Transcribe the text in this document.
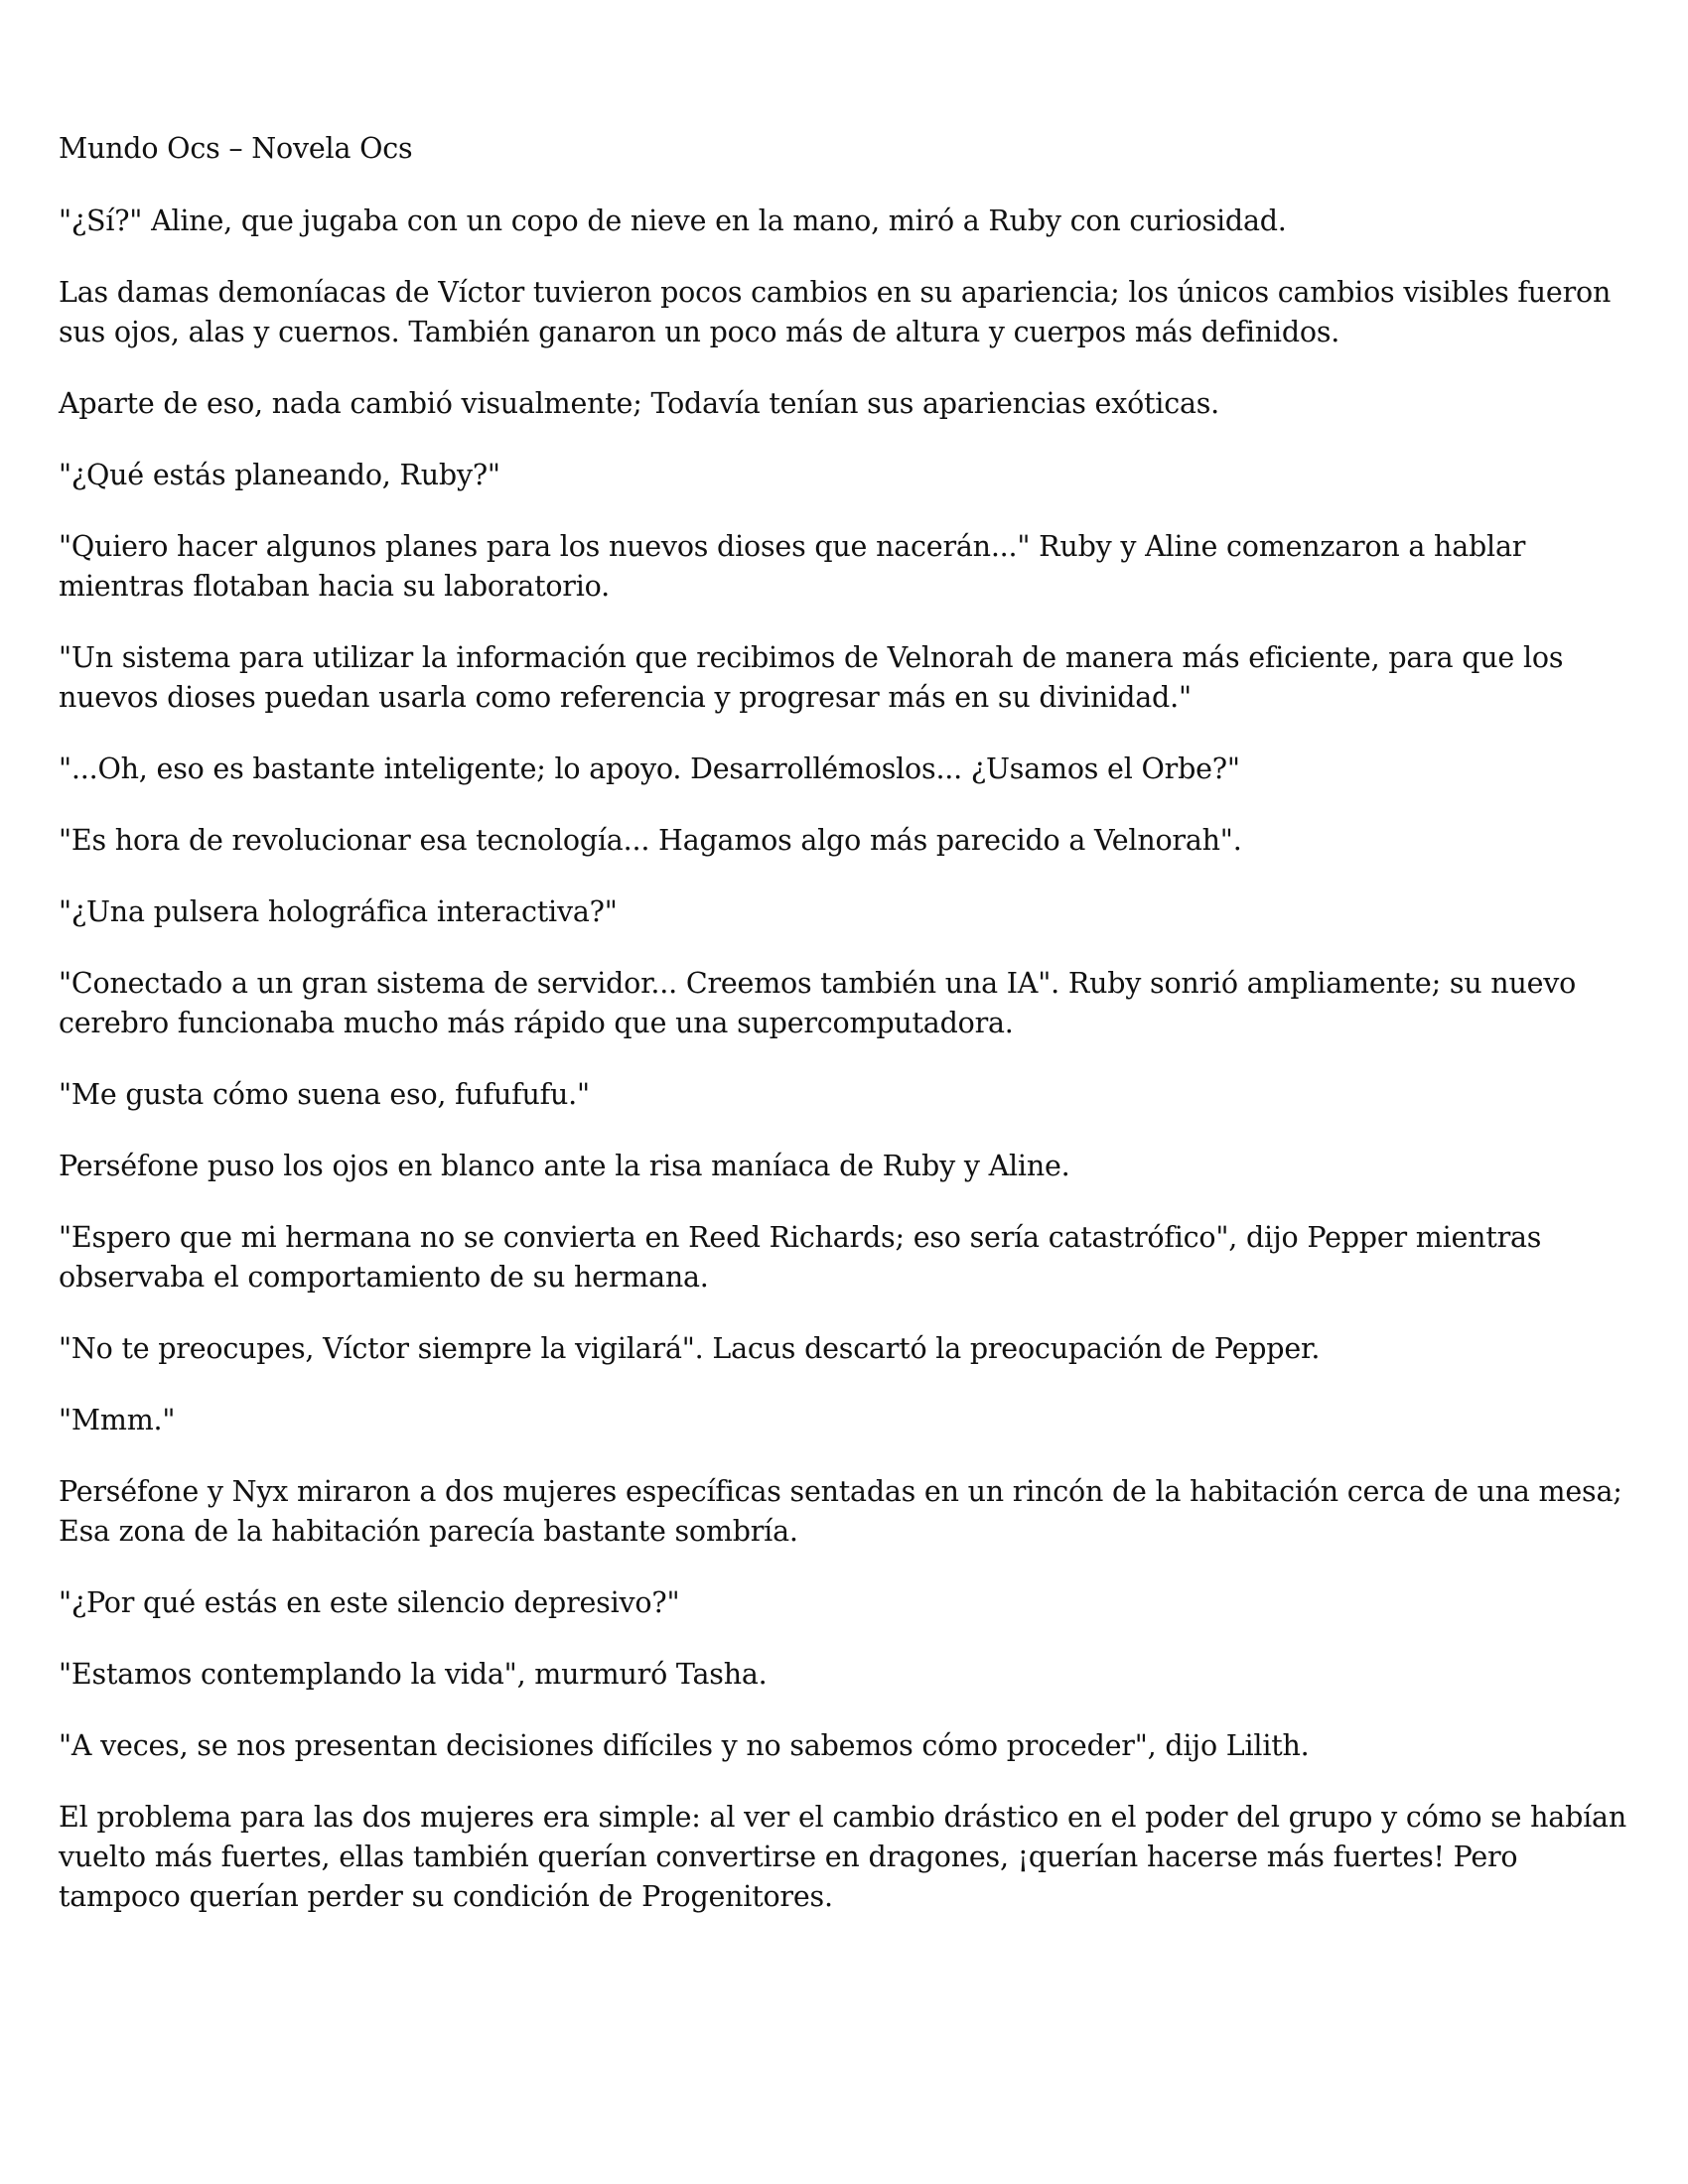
Mundo Ocs – Novela Ocs

"¿Sí?" Aline, que jugaba con un copo de nieve en la mano, miró a Ruby con curiosidad.

Las damas demoníacas de Víctor tuvieron pocos cambios en su apariencia; los únicos cambios visibles fueron sus ojos, alas y cuernos. También ganaron un poco más de altura y cuerpos más definidos.

Aparte de eso, nada cambió visualmente; Todavía tenían sus apariencias exóticas.

"¿Qué estás planeando, Ruby?"

"Quiero hacer algunos planes para los nuevos dioses que nacerán..." Ruby y Aline comenzaron a hablar mientras flotaban hacia su laboratorio.

"Un sistema para utilizar la información que recibimos de Velnorah de manera más eficiente, para que los nuevos dioses puedan usarla como referencia y progresar más en su divinidad."

"...Oh, eso es bastante inteligente; lo apoyo. Desarrollémoslos... ¿Usamos el Orbe?"

"Es hora de revolucionar esa tecnología... Hagamos algo más parecido a Velnorah".

"¿Una pulsera holográfica interactiva?"

"Conectado a un gran sistema de servidor... Creemos también una IA". Ruby sonrió ampliamente; su nuevo cerebro funcionaba mucho más rápido que una supercomputadora.

"Me gusta cómo suena eso, fufufufu."

Perséfone puso los ojos en blanco ante la risa maníaca de Ruby y Aline.

"Espero que mi hermana no se convierta en Reed Richards; eso sería catastrófico", dijo Pepper mientras observaba el comportamiento de su hermana.

"No te preocupes, Víctor siempre la vigilará". Lacus descartó la preocupación de Pepper.

"Mmm."

Perséfone y Nyx miraron a dos mujeres específicas sentadas en un rincón de la habitación cerca de una mesa; Esa zona de la habitación parecía bastante sombría.

"¿Por qué estás en este silencio depresivo?"

"Estamos contemplando la vida", murmuró Tasha.

"A veces, se nos presentan decisiones difíciles y no sabemos cómo proceder", dijo Lilith.

El problema para las dos mujeres era simple: al ver el cambio drástico en el poder del grupo y cómo se habían vuelto más fuertes, ellas también querían convertirse en dragones, ¡querían hacerse más fuertes! Pero tampoco querían perder su condición de Progenitores.
